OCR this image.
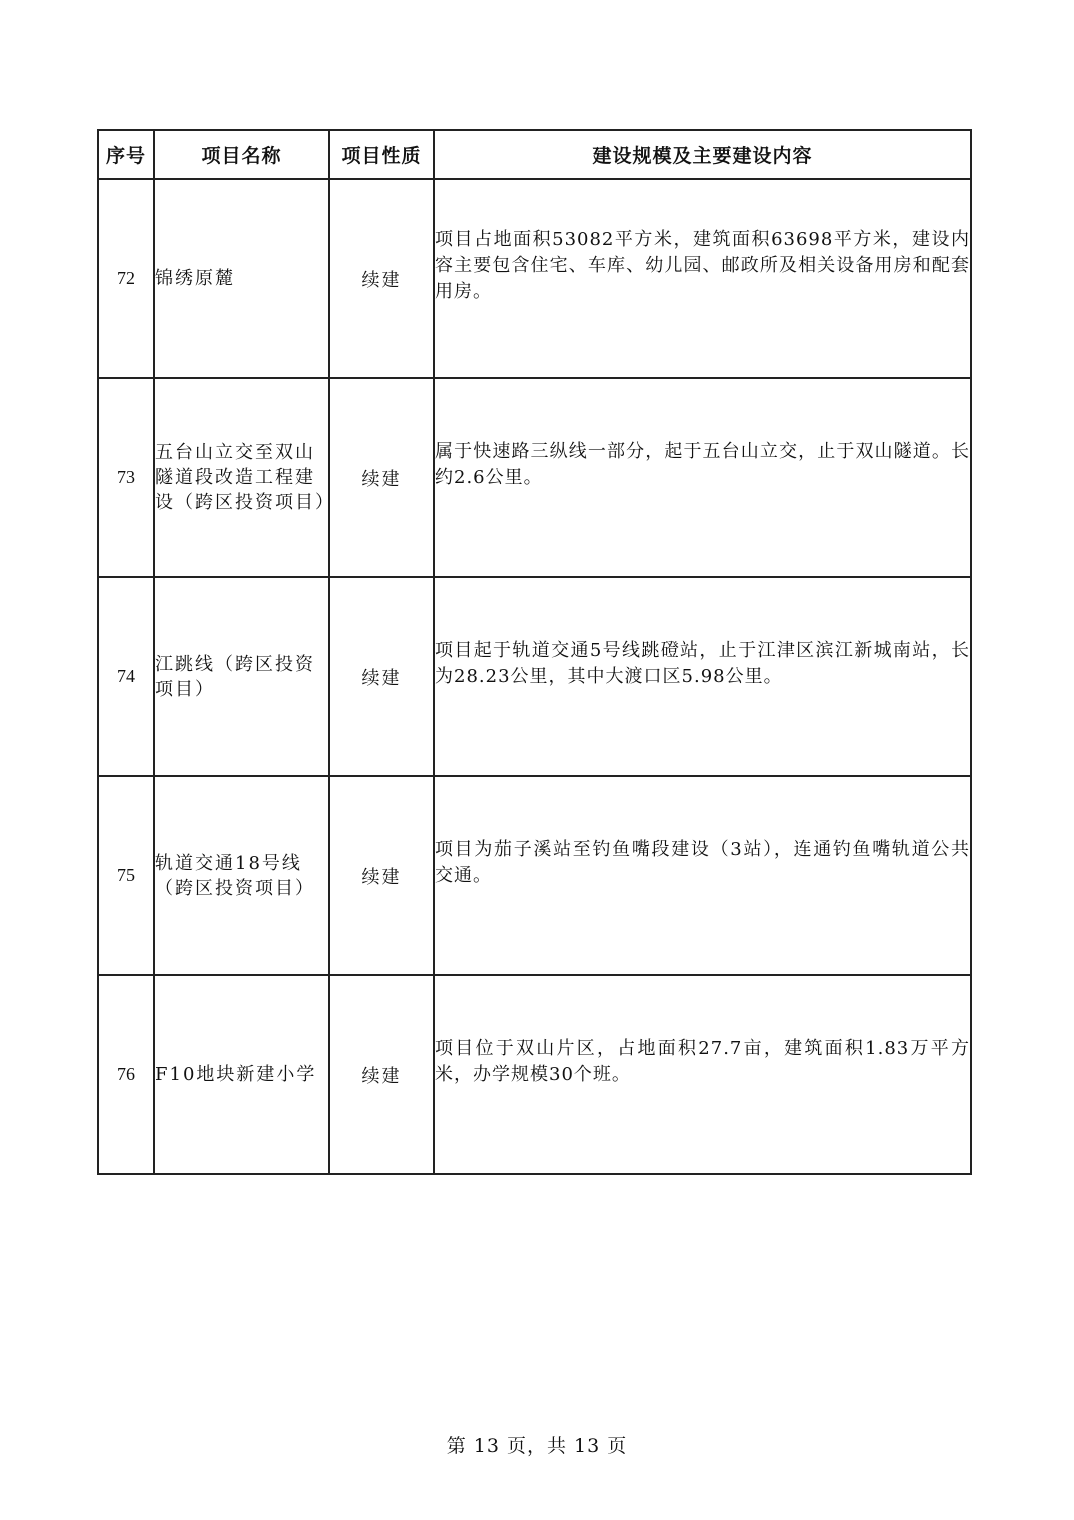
序号	项目名称	项目性质	建设规模及主要建设内容
72	锦绣原麓	续建	项目占地面积53082平方米，建筑面积63698平方米，建设内容主要包含住宅、车库、幼儿园、邮政所及相关设备用房和配套用房。

73	五台山立交至双山隧道段改造工程建设（跨区投资项目）	续建	属于快速路三纵线一部分，起于五台山立交，止于双山隧道。长约2.6公里。

74	江跳线（跨区投资项目）	续建	项目起于轨道交通5号线跳磴站，止于江津区滨江新城南站，长为28.23公里，其中大渡口区5.98公里。

75	轨道交通18号线（跨区投资项目）	续建	项目为茄子溪站至钓鱼嘴段建设（3站），连通钓鱼嘴轨道公共交通。

76	F10地块新建小学	续建	项目位于双山片区，占地面积27.7亩，建筑面积1.83万平方米，办学规模30个班。
第 13 页，共 13 页
